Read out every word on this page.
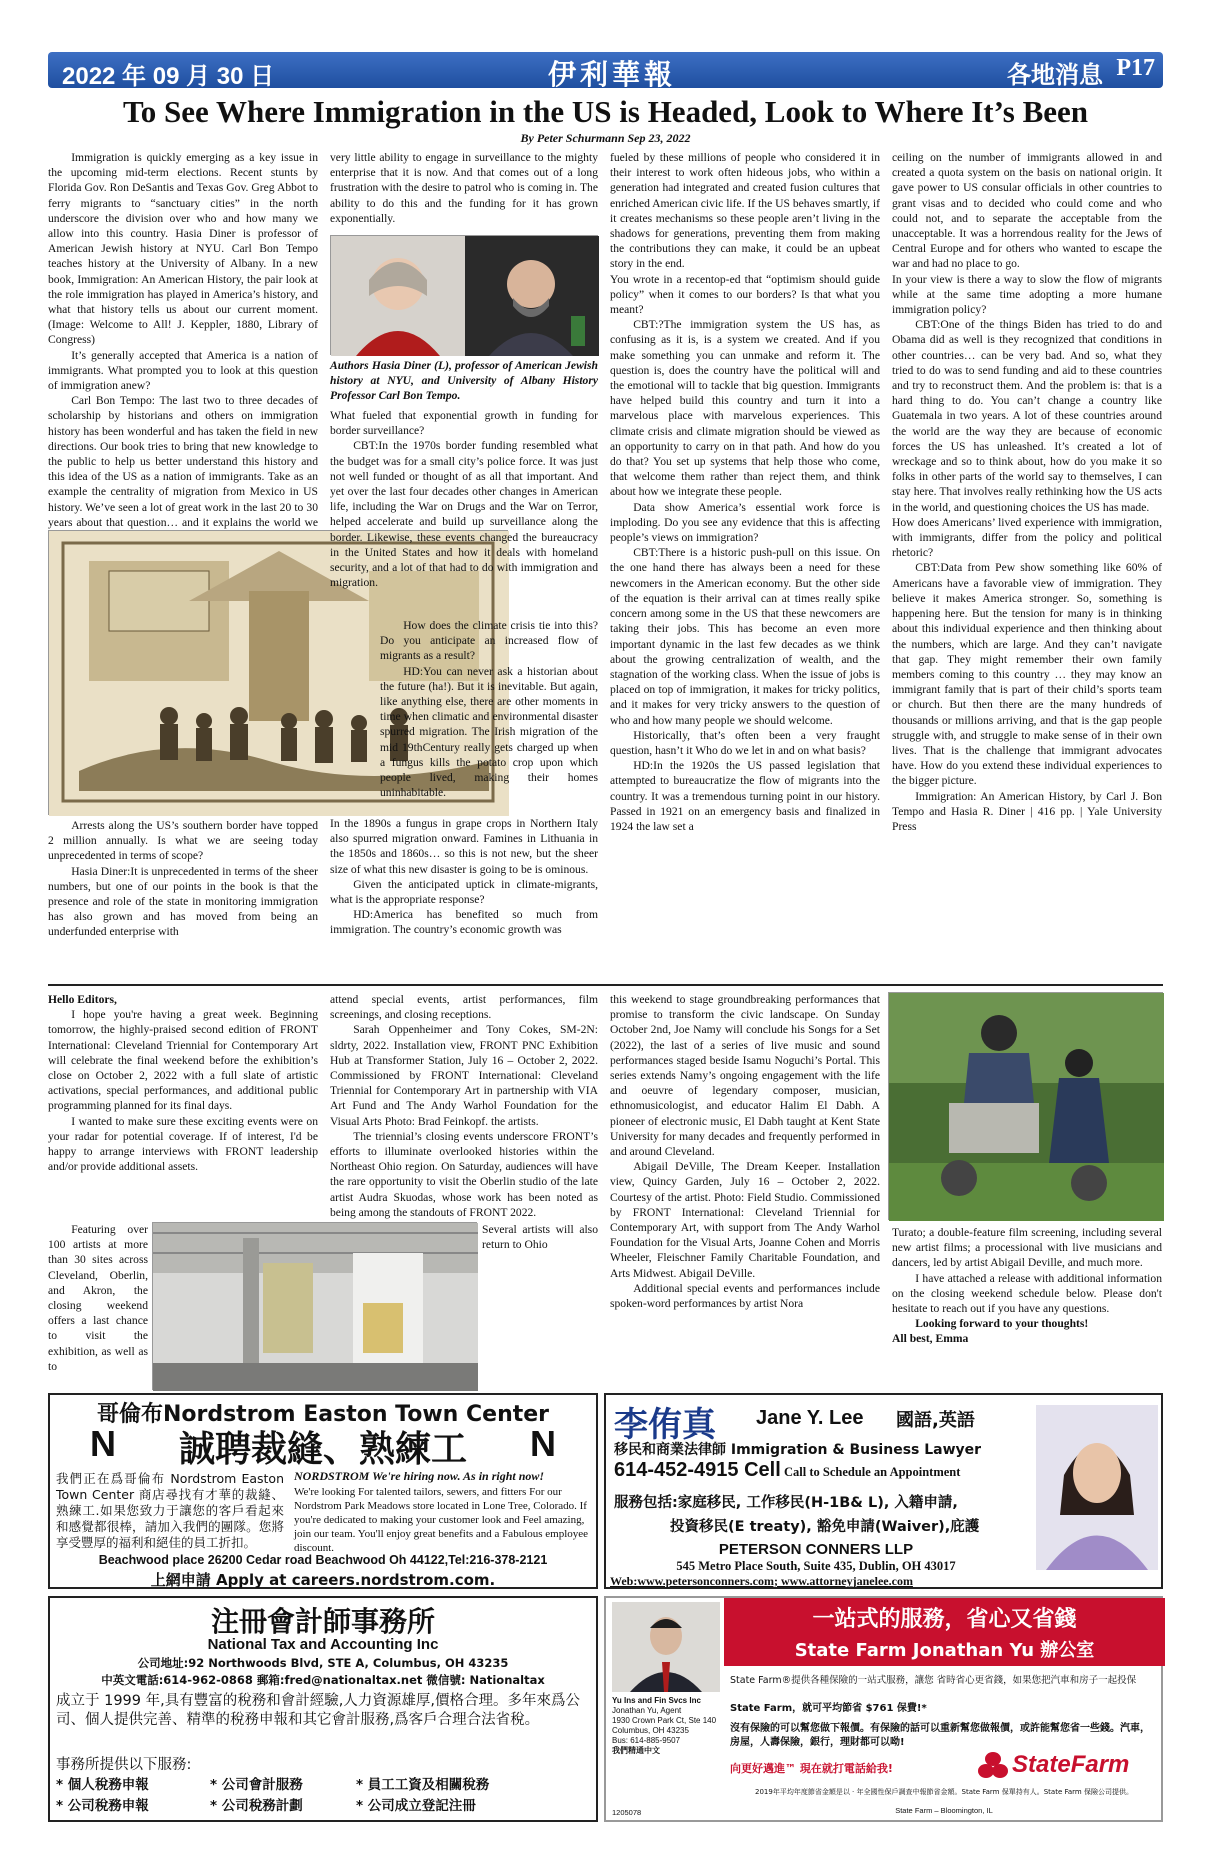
2022 年 09 月 30 日	伊利華報	各地消息 P17
To See Where Immigration in the US is Headed, Look to Where It’s Been
By Peter Schurmann Sep 23, 2022

Immigration is quickly emerging as a key issue in the upcoming mid-term elections. Recent stunts by Florida Gov. Ron DeSantis and Texas Gov. Greg Abbot to ferry migrants to “sanctuary cities” in the north underscore the division over who and how many we allow into this country. Hasia Diner is professor of American Jewish history at NYU. Carl Bon Tempo teaches history at the University of Albany. In a new book, Immigration: An American History, the pair look at the role immigration has played in America’s history, and what that history tells us about our current moment. (Image: Welcome to All! J. Keppler, 1880, Library of Congress)

It’s generally accepted that America is a nation of immigrants. What prompted you to look at this question of immigration anew?

Carl Bon Tempo: The last two to three decades of scholarship by historians and others on immigration history has been wonderful and has taken the field in new directions. Our book tries to bring that new knowledge to the public to help us better understand this history and this idea of the US as a nation of immigrants. Take as an example the centrality of migration from Mexico in US history. We’ve seen a lot of great work in the last 20 to 30 years about that question… and it explains the world we

Arrests along the US’s southern border have topped 2 million annually. Is what we are seeing today unprecedented in terms of scope?

Hasia Diner:It is unprecedented in terms of the sheer numbers, but one of our points in the book is that the presence and role of the state in monitoring immigration has also grown and has moved from being an underfunded enterprise with

very little ability to engage in surveillance to the mighty enterprise that it is now. And that comes out of a long frustration with the desire to patrol who is coming in. The ability to do this and the funding for it has grown exponentially.

Authors Hasia Diner (L), professor of American Jewish history at NYU, and University of Albany History Professor Carl Bon Tempo.

What fueled that exponential growth in funding for border surveillance?

CBT:In the 1970s border funding resembled what the budget was for a small city’s police force. It was just not well funded or thought of as all that important. And yet over the last four decades other changes in American life, including the War on Drugs and the War on Terror, helped accelerate and build up surveillance along the border. Likewise, these events changed the bureaucracy in the United States and how it deals with homeland security, and a lot of that had to do with immigration and migration.

How does the climate crisis tie into this? Do you anticipate an increased flow of migrants as a result?

HD:You can never ask a historian about the future (ha!). But it is inevitable. But again, like anything else, there are other moments in time when climatic and environmental disaster spurred migration. The Irish migration of the mid 19thCentury really gets charged up when a fungus kills the potato crop upon which people lived, making their homes uninhabitable.

In the 1890s a fungus in grape crops in Northern Italy also spurred migration onward. Famines in Lithuania in the 1850s and 1860s… so this is not new, but the sheer size of what this new disaster is going to be is ominous.

Given the anticipated uptick in climate-migrants, what is the appropriate response?

HD:America has benefited so much from immigration. The country’s economic growth was

fueled by these millions of people who considered it in their interest to work often hideous jobs, who within a generation had integrated and created fusion cultures that enriched American civic life. If the US behaves smartly, if it creates mechanisms so these people aren’t living in the shadows for generations, preventing them from making the contributions they can make, it could be an upbeat story in the end.

You wrote in a recentop-ed that “optimism should guide policy” when it comes to our borders? Is that what you meant?

CBT:?The immigration system the US has, as confusing as it is, is a system we created. And if you make something you can unmake and reform it. The question is, does the country have the political will and the emotional will to tackle that big question. Immigrants have helped build this country and turn it into a marvelous place with marvelous experiences. This climate crisis and climate migration should be viewed as an opportunity to carry on in that path. And how do you do that? You set up systems that help those who come, that welcome them rather than reject them, and think about how we integrate these people.

Data show America’s essential work force is imploding. Do you see any evidence that this is affecting people’s views on immigration?

CBT:There is a historic push-pull on this issue. On the one hand there has always been a need for these newcomers in the American economy. But the other side of the equation is their arrival can at times really spike concern among some in the US that these newcomers are taking their jobs. This has become an even more important dynamic in the last few decades as we think about the growing centralization of wealth, and the stagnation of the working class. When the issue of jobs is placed on top of immigration, it makes for tricky politics, and it makes for very tricky answers to the question of who and how many people we should welcome.

Historically, that’s often been a very fraught question, hasn’t it Who do we let in and on what basis?

HD:In the 1920s the US passed legislation that attempted to bureaucratize the flow of migrants into the country. It was a tremendous turning point in our history. Passed in 1921 on an emergency basis and finalized in 1924 the law set a

ceiling on the number of immigrants allowed in and created a quota system on the basis on national origin. It gave power to US consular officials in other countries to grant visas and to decided who could come and who could not, and to separate the acceptable from the unacceptable. It was a horrendous reality for the Jews of Central Europe and for others who wanted to escape the war and had no place to go.

In your view is there a way to slow the flow of migrants while at the same time adopting a more humane immigration policy?

CBT:One of the things Biden has tried to do and Obama did as well is they recognized that conditions in other countries… can be very bad. And so, what they tried to do was to send funding and aid to these countries and try to reconstruct them. And the problem is: that is a hard thing to do. You can’t change a country like Guatemala in two years. A lot of these countries around the world are the way they are because of economic forces the US has unleashed. It’s created a lot of wreckage and so to think about, how do you make it so folks in other parts of the world say to themselves, I can stay here. That involves really rethinking how the US acts in the world, and questioning choices the US has made.

How does Americans’ lived experience with immigration, with immigrants, differ from the policy and political rhetoric?

CBT:Data from Pew show something like 60% of Americans have a favorable view of immigration. They believe it makes America stronger. So, something is happening here. But the tension for many is in thinking about this individual experience and then thinking about the numbers, which are large. And they can’t navigate that gap. They might remember their own family members coming to this country … they may know an immigrant family that is part of their child’s sports team or church. But then there are the many hundreds of thousands or millions arriving, and that is the gap people struggle with, and struggle to make sense of in their own lives. That is the challenge that immigrant advocates have. How do you extend these individual experiences to the bigger picture.

Immigration: An American History, by Carl J. Bon Tempo and Hasia R. Diner | 416 pp. | Yale University Press

Hello Editors,

I hope you're having a great week. Beginning tomorrow, the highly-praised second edition of FRONT International: Cleveland Triennial for Contemporary Art will celebrate the final weekend before the exhibition’s close on October 2, 2022 with a full slate of artistic activations, special performances, and additional public programming planned for its final days.

I wanted to make sure these exciting events were on your radar for potential coverage. If of interest, I'd be happy to arrange interviews with FRONT leadership and/or provide additional assets.

Featuring over 100 artists at more than 30 sites across Cleveland, Oberlin, and Akron, the closing weekend offers a last chance to visit the exhibition, as well as to

attend special events, artist performances, film screenings, and closing receptions.

Sarah Oppenheimer and Tony Cokes, SM-2N: sldrty, 2022. Installation view, FRONT PNC Exhibition Hub at Transformer Station, July 16 – October 2, 2022. Commissioned by FRONT International: Cleveland Triennial for Contemporary Art in partnership with VIA Art Fund and The Andy Warhol Foundation for the Visual Arts Photo: Brad Feinkopf. the artists.

The triennial’s closing events underscore FRONT’s efforts to illuminate overlooked histories within the Northeast Ohio region. On Saturday, audiences will have the rare opportunity to visit the Oberlin studio of the late artist Audra Skuodas, whose work has been noted as being among the standouts of FRONT 2022.

Several artists will also return to Ohio

this weekend to stage groundbreaking performances that promise to transform the civic landscape. On Sunday October 2nd, Joe Namy will conclude his Songs for a Set (2022), the last of a series of live music and sound performances staged beside Isamu Noguchi’s Portal. This series extends Namy’s ongoing engagement with the life and oeuvre of legendary composer, musician, ethnomusicologist, and educator Halim El Dabh. A pioneer of electronic music, El Dabh taught at Kent State University for many decades and frequently performed in and around Cleveland.

Abigail DeVille, The Dream Keeper. Installation view, Quincy Garden, July 16 – October 2, 2022. Courtesy of the artist. Photo: Field Studio. Commissioned by FRONT International: Cleveland Triennial for Contemporary Art, with support from The Andy Warhol Foundation for the Visual Arts, Joanne Cohen and Morris Wheeler, Fleischner Family Charitable Foundation, and Arts Midwest. Abigail DeVille.

Additional special events and performances include spoken-word performances by artist Nora

Turato; a double-feature film screening, including several new artist films; a processional with live musicians and dancers, led by artist Abigail Deville, and much more.

I have attached a release with additional information on the closing weekend schedule below. Please don't hesitate to reach out if you have any questions.

Looking forward to your thoughts!

All best, Emma

哥倫布Nordstrom Easton Town Center
N	誠聘裁縫、熟練工	N
我們正在爲哥倫布 Nordstrom Easton Town Center 商店尋找有才華的裁縫、熟練工.如果您致力于讓您的客戶看起來和感覺都很棒，請加入我們的團隊。您將享受豐厚的福利和絕佳的員工折扣。
NORDSTROM We're hiring now. As in right now!
We're looking For talented tailors, sewers, and fitters For our Nordstrom Park Meadows store located in Lone Tree, Colorado. If you're dedicated to making your customer look and Feel amazing, join our team. You'll enjoy great benefits and a Fabulous employee discount.
Beachwood place 26200 Cedar road Beachwood Oh 44122,Tel:216-378-2121
上網申請 Apply at careers.nordstrom.com.
李侑真 Jane Y. Lee 國語,英語
移民和商業法律師 Immigration & Business Lawyer
614-452-4915 Cell Call to Schedule an Appointment
服務包括:家庭移民, 工作移民(H-1B& L), 入籍申請,
投資移民(E treaty), 豁免申請(Waiver),庇護
PETERSON CONNERS LLP
545 Metro Place South, Suite 435, Dublin, OH 43017
Web:www.petersonconners.com; www.attorneyjanelee.com
注冊會計師事務所
National Tax and Accounting Inc
公司地址:92 Northwoods Blvd, STE A, Columbus, OH 43235
中英文電話:614-962-0868 郵箱:fred@nationaltax.net 微信號: Nationaltax
成立于 1999 年,具有豐富的稅務和會計經驗,人力資源雄厚,價格合理。多年來爲公司、個人提供完善、精準的稅務申報和其它會計服務,爲客戶合理合法省稅。
事務所提供以下服務:
* 個人稅務申報	* 公司會計服務	* 員工工資及相關稅務
* 公司稅務申報	* 公司稅務計劃	* 公司成立登記注冊
一站式的服務，省心又省錢
State Farm Jonathan Yu 辦公室
Yu Ins and Fin Svcs Inc
Jonathan Yu, Agent
1930 Crown Park Ct, Ste 140
Columbus, OH 43235
Bus: 614-885-9507
我們精通中文
State Farm®提供各種保險的一站式服務，讓您 省時省心更省錢，如果您把汽車和房子一起投保
State Farm，就可平均節省 $761 保費!*
沒有保險的可以幫您做下報價。有保險的話可以重新幫您做報價，或許能幫您省一些錢。汽車，房屋，人壽保險，銀行，理財都可以呦!
向更好邁進™ 現在就打電話給我!	StateFarm
2019年平均年度節省金額是以 · 年全國性保戶調查中報節省金額。State Farm 保單持有人。State Farm 保險公司提供。
State Farm – Bloomington, IL
1205078
